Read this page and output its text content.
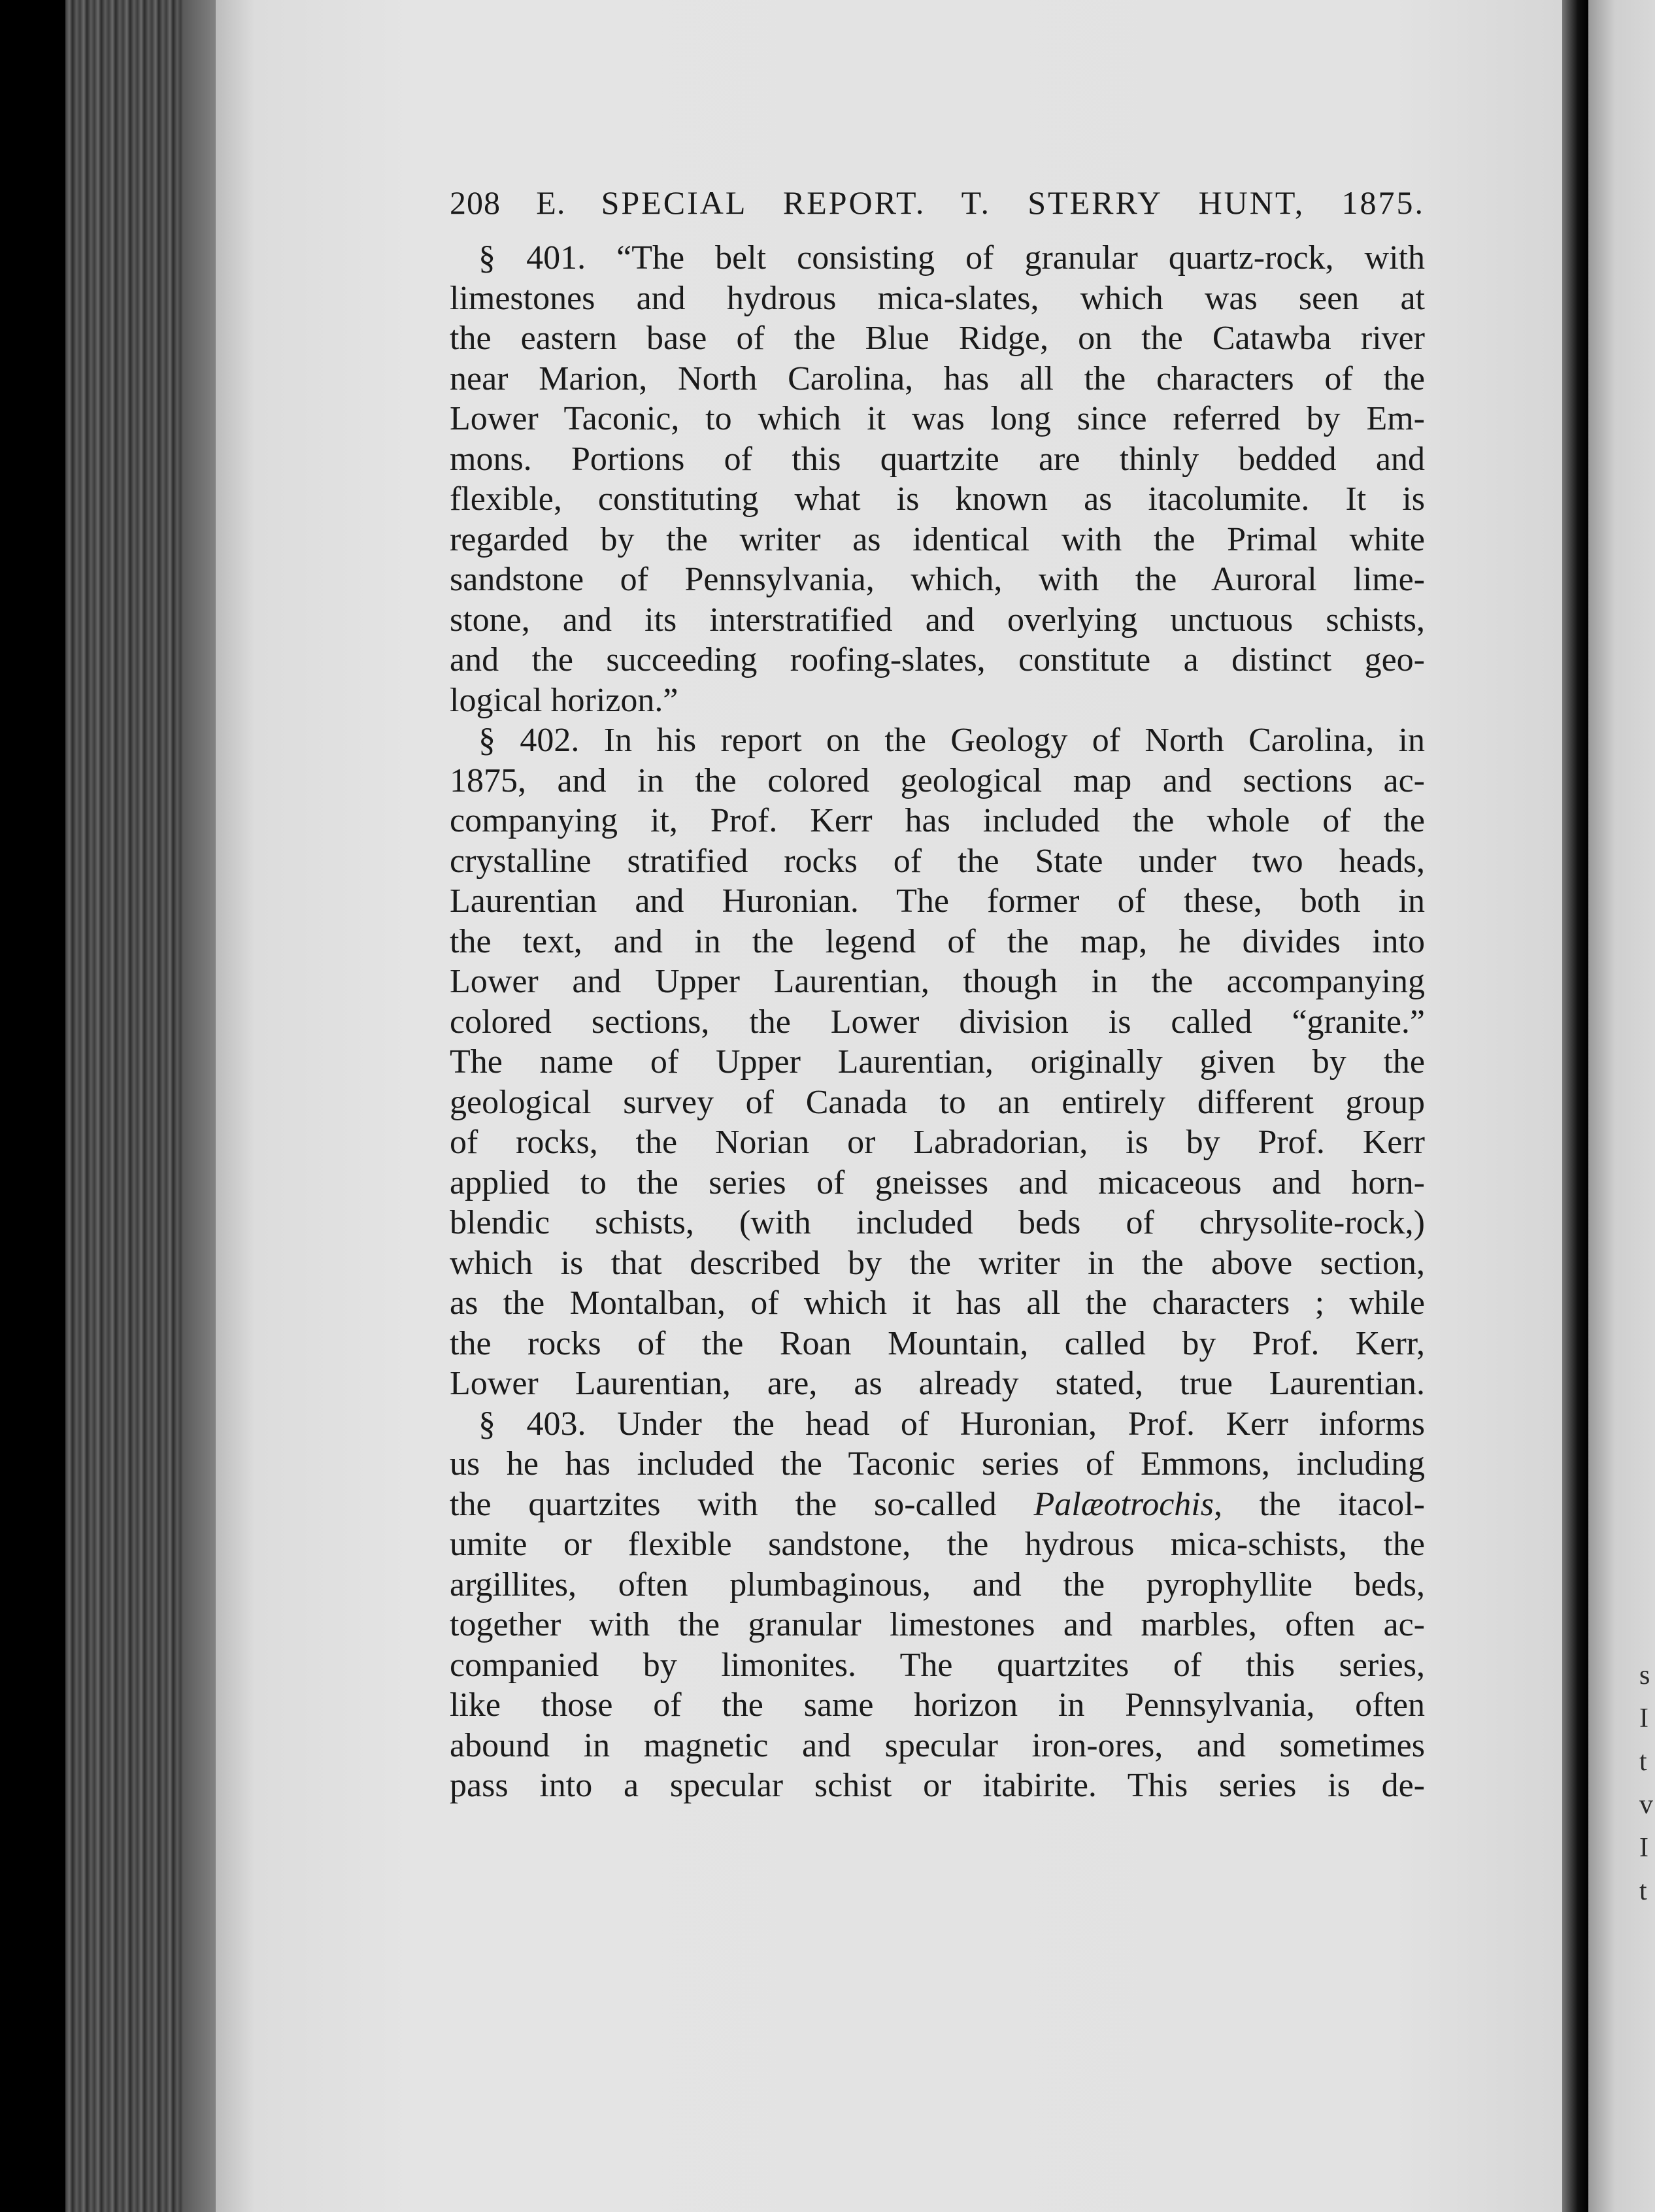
s
I
t
v
I
t
208 E. SPECIAL REPORT. T. STERRY HUNT, 1875.
§ 401. “The belt consisting of granular quartz-rock, with
limestones and hydrous mica-slates, which was seen at
the eastern base of the Blue Ridge, on the Catawba river
near Marion, North Carolina, has all the characters of the
Lower Taconic, to which it was long since referred by Em-
mons. Portions of this quartzite are thinly bedded and
flexible, constituting what is known as itacolumite. It is
regarded by the writer as identical with the Primal white
sandstone of Pennsylvania, which, with the Auroral lime-
stone, and its interstratified and overlying unctuous schists,
and the succeeding roofing-slates, constitute a distinct geo-
logical horizon.”
§ 402. In his report on the Geology of North Carolina, in
1875, and in the colored geological map and sections ac-
companying it, Prof. Kerr has included the whole of the
crystalline stratified rocks of the State under two heads,
Laurentian and Huronian. The former of these, both in
the text, and in the legend of the map, he divides into
Lower and Upper Laurentian, though in the accompanying
colored sections, the Lower division is called “granite.”
The name of Upper Laurentian, originally given by the
geological survey of Canada to an entirely different group
of rocks, the Norian or Labradorian, is by Prof. Kerr
applied to the series of gneisses and micaceous and horn-
blendic schists, (with included beds of chrysolite-rock,)
which is that described by the writer in the above section,
as the Montalban, of which it has all the characters ; while
the rocks of the Roan Mountain, called by Prof. Kerr,
Lower Laurentian, are, as already stated, true Laurentian.
§ 403. Under the head of Huronian, Prof. Kerr informs
us he has included the Taconic series of Emmons, including
the quartzites with the so-called Palæotrochis, the itacol-
umite or flexible sandstone, the hydrous mica-schists, the
argillites, often plumbaginous, and the pyrophyllite beds,
together with the granular limestones and marbles, often ac-
companied by limonites. The quartzites of this series,
like those of the same horizon in Pennsylvania, often
abound in magnetic and specular iron-ores, and sometimes
pass into a specular schist or itabirite. This series is de-
